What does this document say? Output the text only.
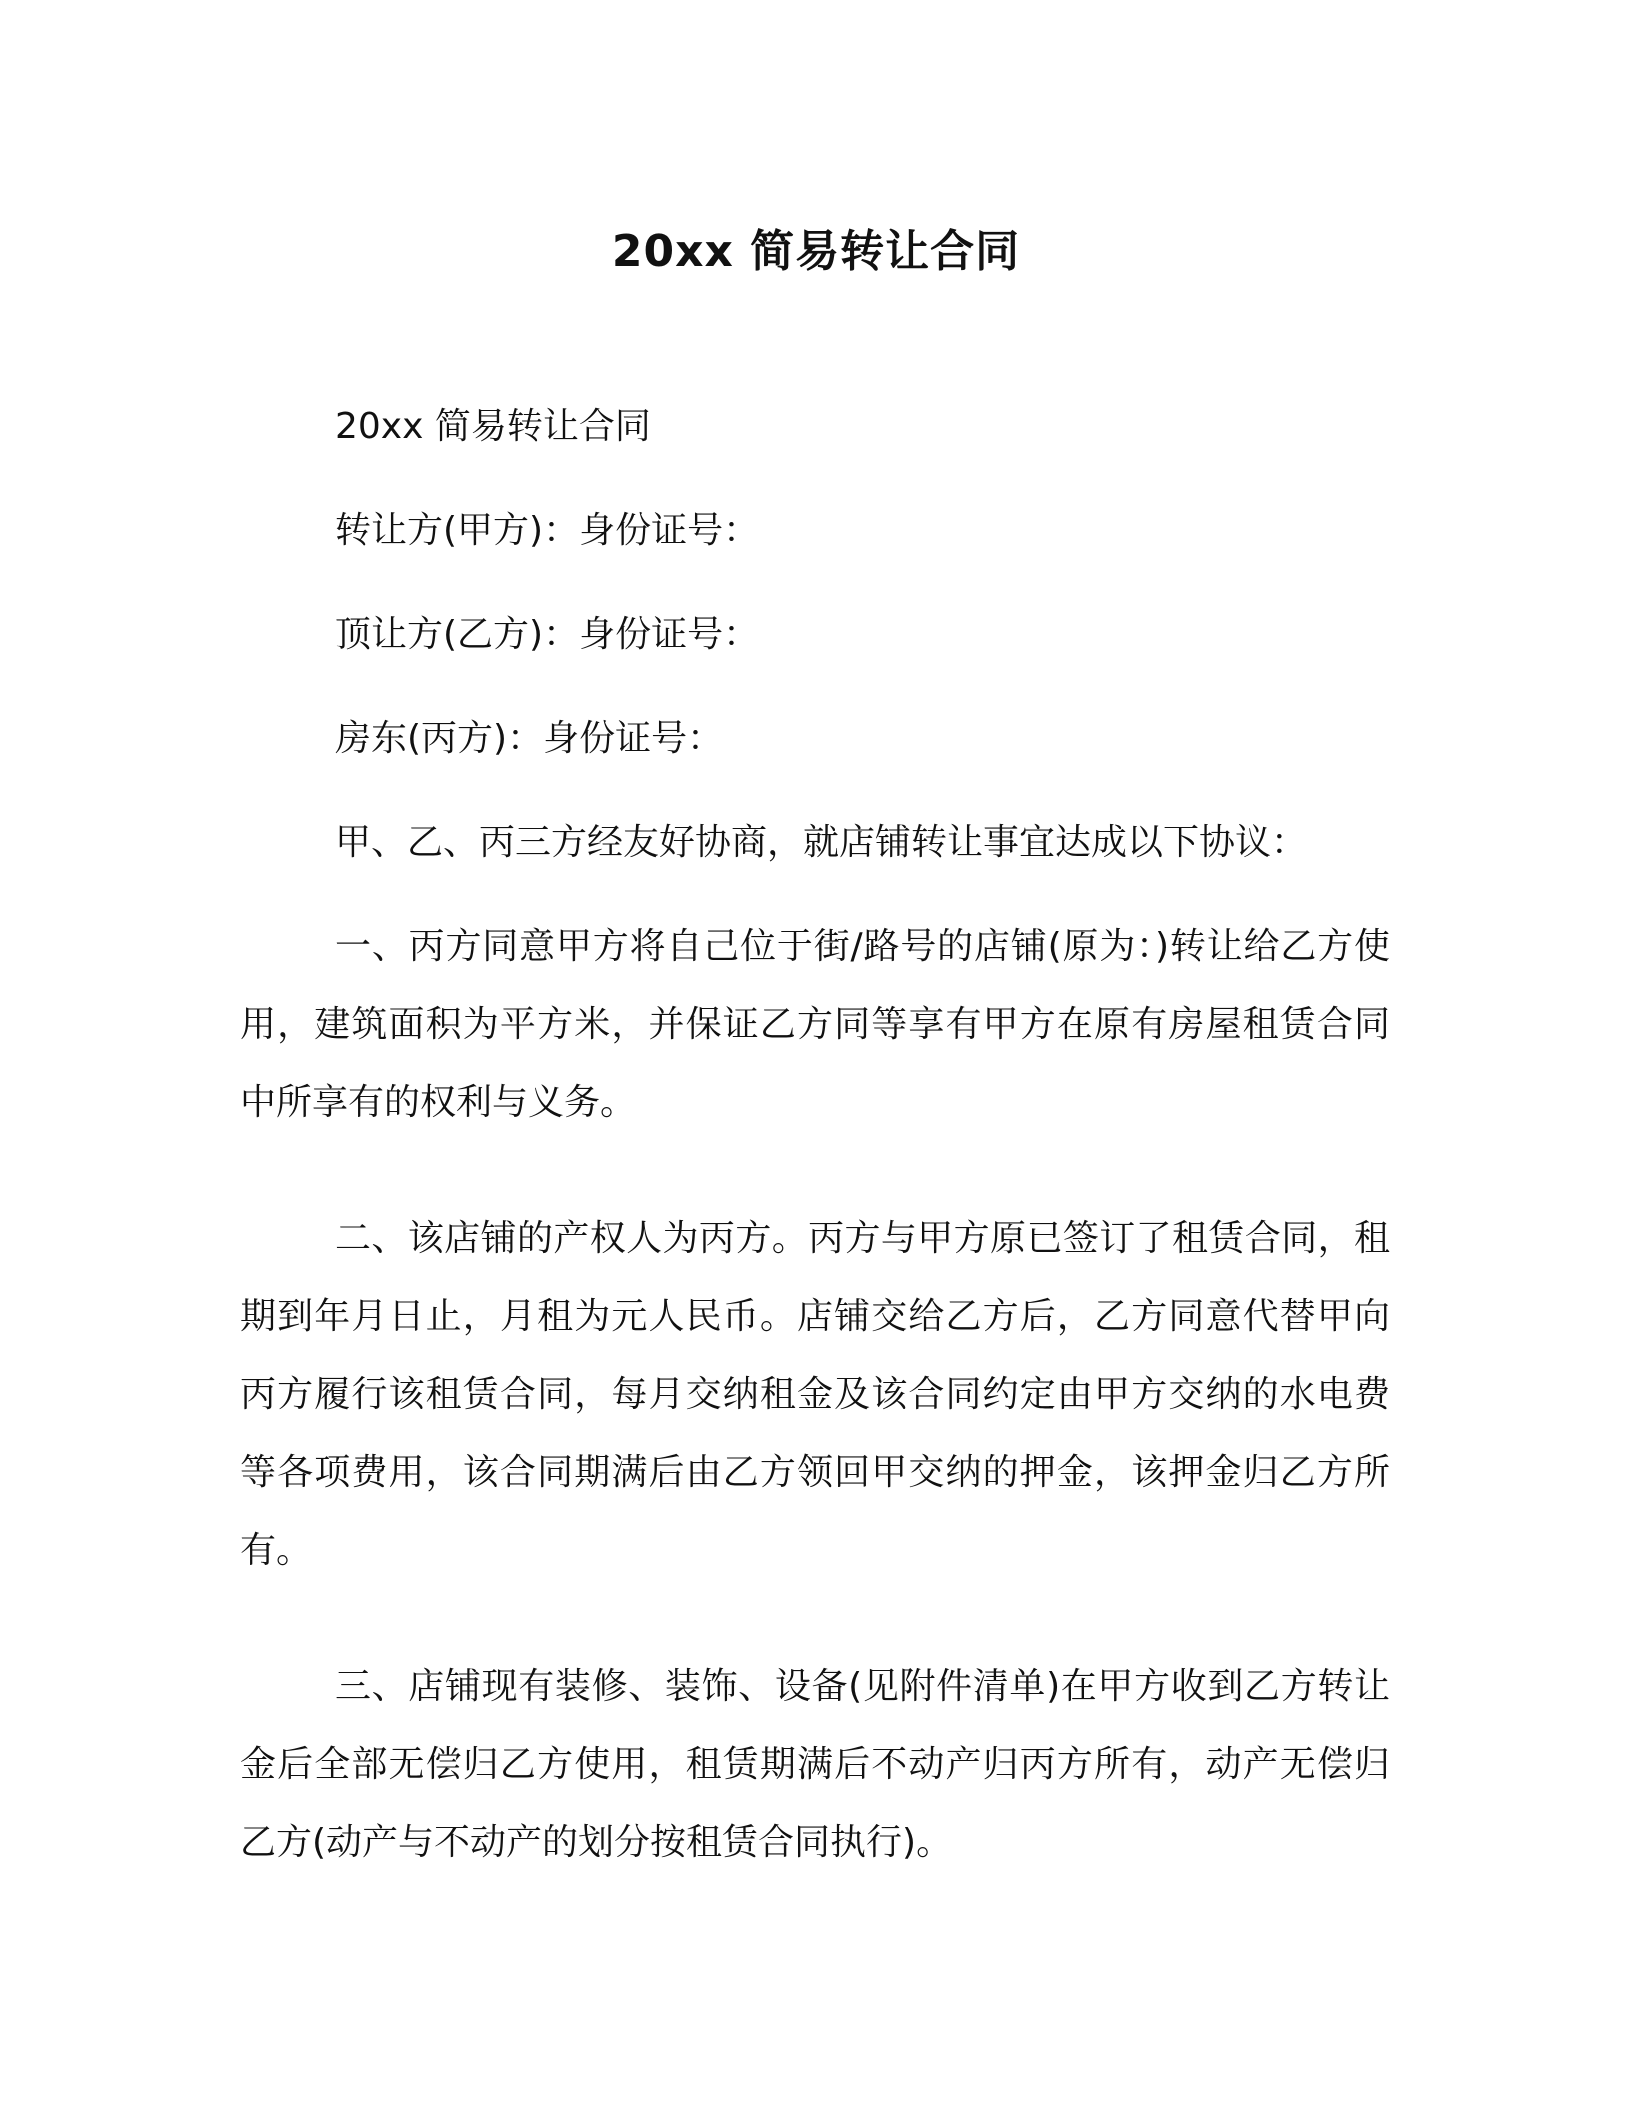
20xx 简易转让合同

20xx 简易转让合同

转让方(甲方)：身份证号：

顶让方(乙方)：身份证号：

房东(丙方)：身份证号：

甲、乙、丙三方经友好协商，就店铺转让事宜达成以下协议：

一、丙方同意甲方将自己位于街/路号的店铺(原为：)转让给乙方使用，建筑面积为平方米，并保证乙方同等享有甲方在原有房屋租赁合同中所享有的权利与义务。

二、该店铺的产权人为丙方。丙方与甲方原已签订了租赁合同，租期到年月日止，月租为元人民币。店铺交给乙方后，乙方同意代替甲向丙方履行该租赁合同，每月交纳租金及该合同约定由甲方交纳的水电费等各项费用，该合同期满后由乙方领回甲交纳的押金，该押金归乙方所有。

三、店铺现有装修、装饰、设备(见附件清单)在甲方收到乙方转让金后全部无偿归乙方使用，租赁期满后不动产归丙方所有，动产无偿归乙方(动产与不动产的划分按租赁合同执行)。
